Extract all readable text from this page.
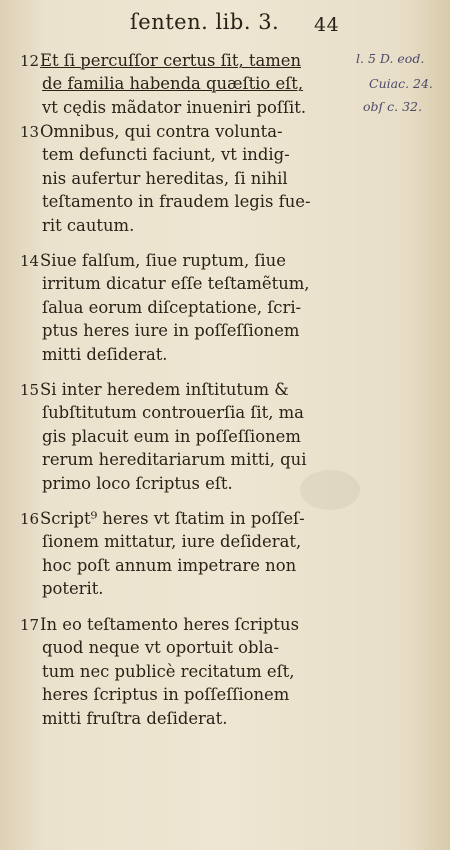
ſenten. lib. 3. 44
l. 5 D. eod.
Cuiac. 24.
obſ c. 32.
12Et ſi percuſſor certus ſit, tamen
de familia habenda quæſtio eſt,
vt cędis mãdator inueniri poſſit.
13Omnibus, qui contra volunta-
tem defuncti faciunt, vt indig-
nis aufertur hereditas, ſi nihil
teſtamento in fraudem legis fue-
rit cautum.
14Siue falſum, ſiue ruptum, ſiue
irritum dicatur eſſe teſtamẽtum,
ſalua eorum diſceptatione, ſcri-
ptus heres iure in poſſeſſionem
mitti deſiderat.
15Si inter heredem inſtitutum &
ſubſtitutum controuerſia ſit, ma
gis placuit eum in poſſeſſionem
rerum hereditariarum mitti, qui
primo loco ſcriptus eſt.
16Script⁹ heres vt ſtatim in poſſeſ-
ſionem mittatur, iure deſiderat,
hoc poſt annum impetrare non
poterit.
17In eo teſtamento heres ſcriptus
quod neque vt oportuit obla-
tum nec publicè recitatum eſt,
heres ſcriptus in poſſeſſionem
mitti fruſtra deſiderat.
